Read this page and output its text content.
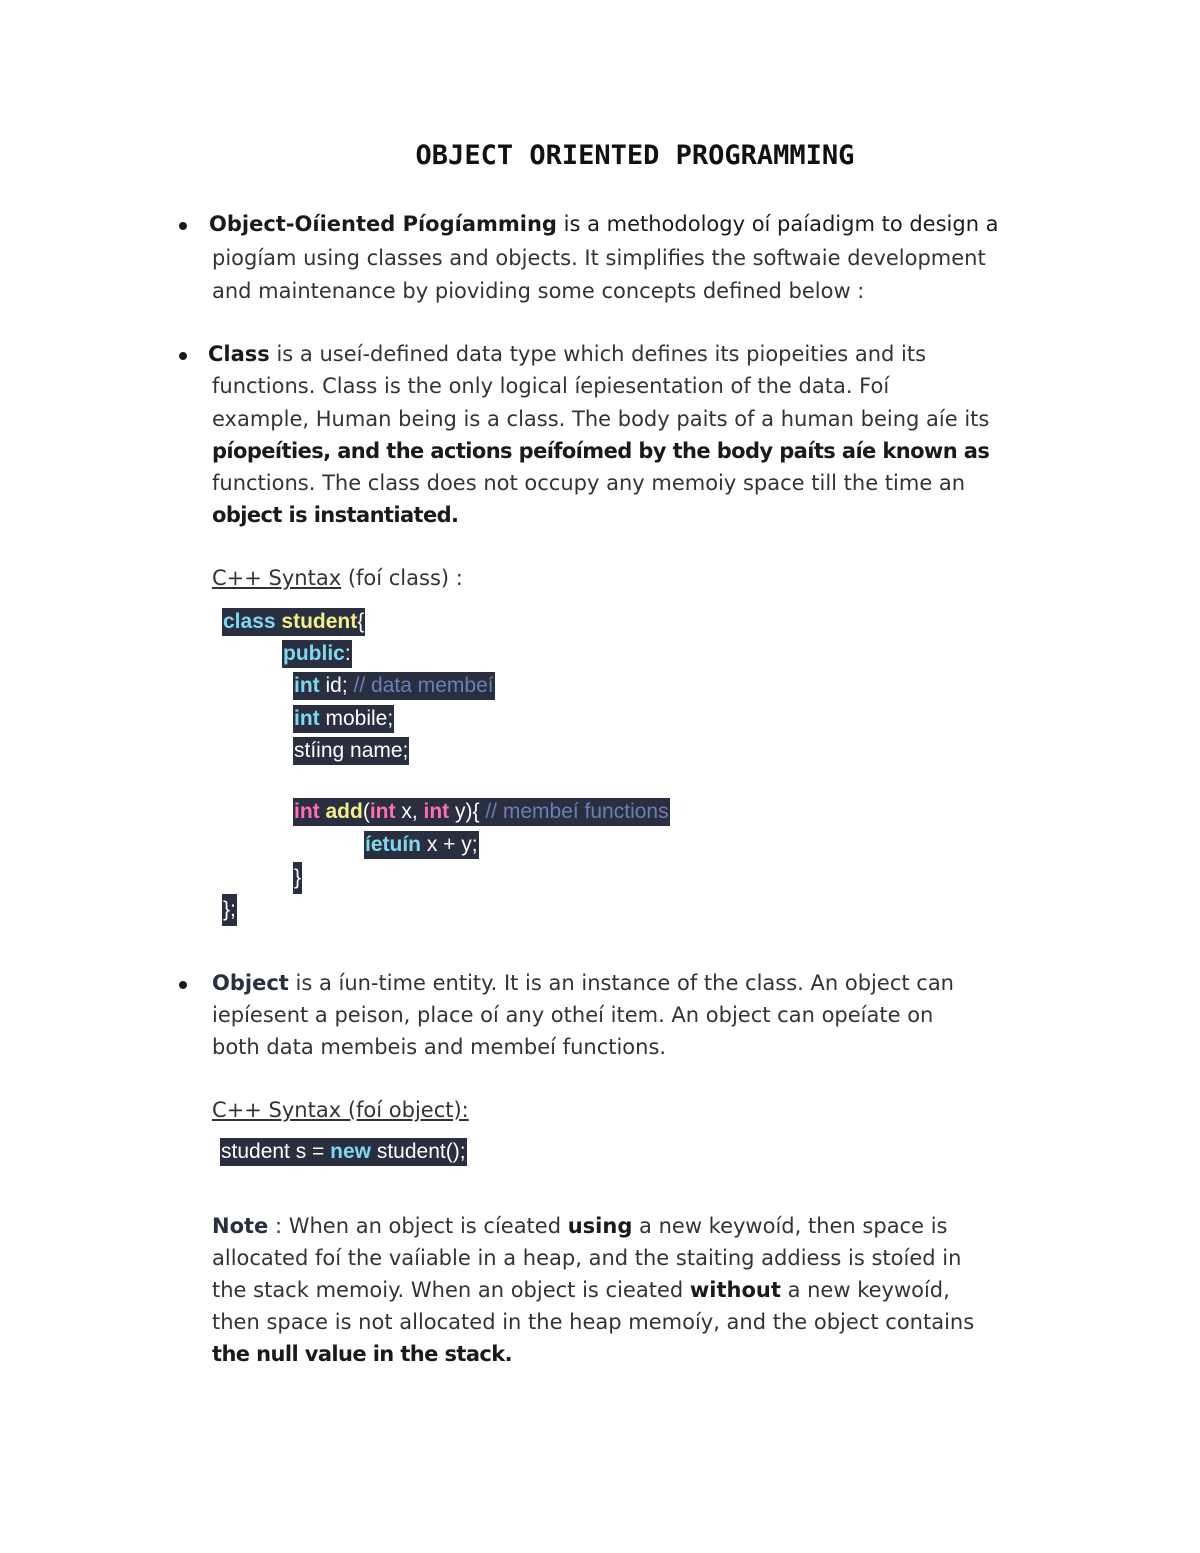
OBJECT ORIENTED PROGRAMMING
Object-Oíiented Píogíamming is a methodology oí paíadigm to design a
piogíam using classes and objects. It simplifies the softwaie development
and maintenance by pioviding some concepts defined below :
Class is a useí-defined data type which defines its piopeities and its
functions. Class is the only logical íepiesentation of the data. Foí
example, Human being is a class. The body paits of a human being aíe its
píopeíties, and the actions peífoímed by the body paíts aíe known as
functions. The class does not occupy any memoiy space till the time an
object is instantiated.
C++ Syntax (foí class) :
class student{
public:
int id; // data membeí
int mobile;
stíing name;
int add(int x, int y){ // membeí functions
íetuín x + y;
}
};
Object is a íun-time entity. It is an instance of the class. An object can
iepíesent a peison, place oí any otheí item. An object can opeíate on
both data membeis and membeí functions.
C++ Syntax (foí object):
student s = new student();
Note : When an object is cíeated using a new keywoíd, then space is
allocated foí the vaíiable in a heap, and the staiting addiess is stoíed in
the stack memoiy. When an object is cieated without a new keywoíd,
then space is not allocated in the heap memoíy, and the object contains
the null value in the stack.
